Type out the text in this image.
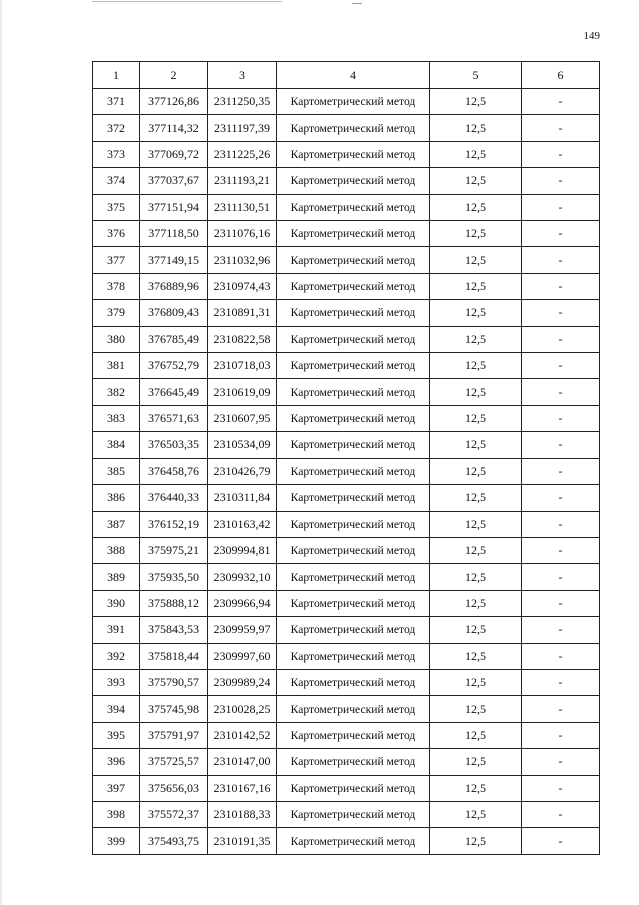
149
1	2	3	4	5	6
371	377126,86	2311250,35	Картометрический метод	12,5	-
372	377114,32	2311197,39	Картометрический метод	12,5	-
373	377069,72	2311225,26	Картометрический метод	12,5	-
374	377037,67	2311193,21	Картометрический метод	12,5	-
375	377151,94	2311130,51	Картометрический метод	12,5	-
376	377118,50	2311076,16	Картометрический метод	12,5	-
377	377149,15	2311032,96	Картометрический метод	12,5	-
378	376889,96	2310974,43	Картометрический метод	12,5	-
379	376809,43	2310891,31	Картометрический метод	12,5	-
380	376785,49	2310822,58	Картометрический метод	12,5	-
381	376752,79	2310718,03	Картометрический метод	12,5	-
382	376645,49	2310619,09	Картометрический метод	12,5	-
383	376571,63	2310607,95	Картометрический метод	12,5	-
384	376503,35	2310534,09	Картометрический метод	12,5	-
385	376458,76	2310426,79	Картометрический метод	12,5	-
386	376440,33	2310311,84	Картометрический метод	12,5	-
387	376152,19	2310163,42	Картометрический метод	12,5	-
388	375975,21	2309994,81	Картометрический метод	12,5	-
389	375935,50	2309932,10	Картометрический метод	12,5	-
390	375888,12	2309966,94	Картометрический метод	12,5	-
391	375843,53	2309959,97	Картометрический метод	12,5	-
392	375818,44	2309997,60	Картометрический метод	12,5	-
393	375790,57	2309989,24	Картометрический метод	12,5	-
394	375745,98	2310028,25	Картометрический метод	12,5	-
395	375791,97	2310142,52	Картометрический метод	12,5	-
396	375725,57	2310147,00	Картометрический метод	12,5	-
397	375656,03	2310167,16	Картометрический метод	12,5	-
398	375572,37	2310188,33	Картометрический метод	12,5	-
399	375493,75	2310191,35	Картометрический метод	12,5	-
